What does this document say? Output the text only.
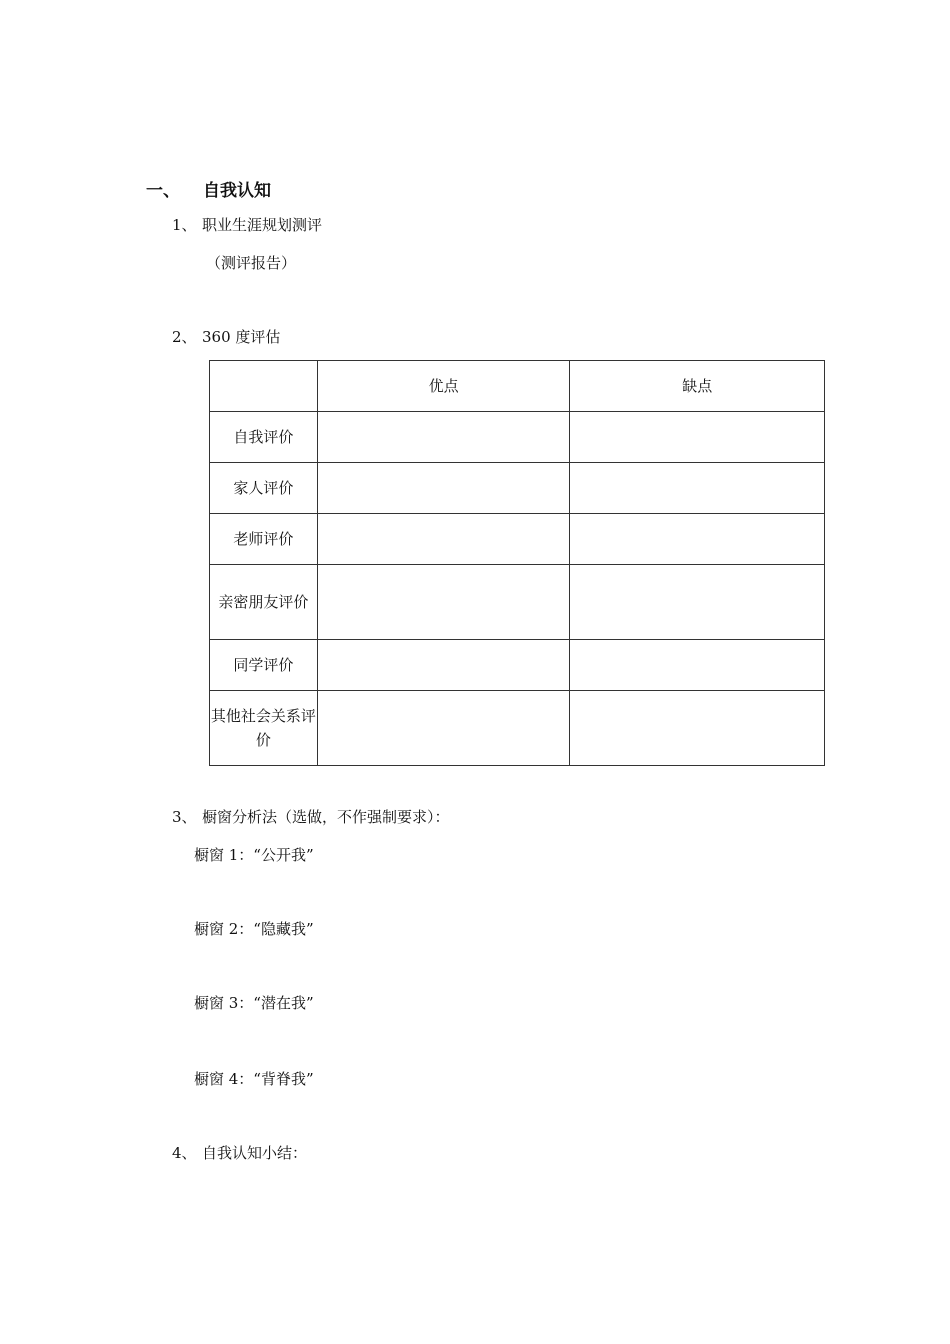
一、 自我认知
1、 职业生涯规划测评
（测评报告）
2、 360 度评估
	优点	缺点
自我评价		
家人评价		
老师评价		
亲密朋友评价		
同学评价		
其他社会关系评价		
3、 橱窗分析法（选做，不作强制要求）：
橱窗 1：“公开我”
橱窗 2：“隐藏我”
橱窗 3：“潜在我”
橱窗 4：“背脊我”
4、 自我认知小结：
